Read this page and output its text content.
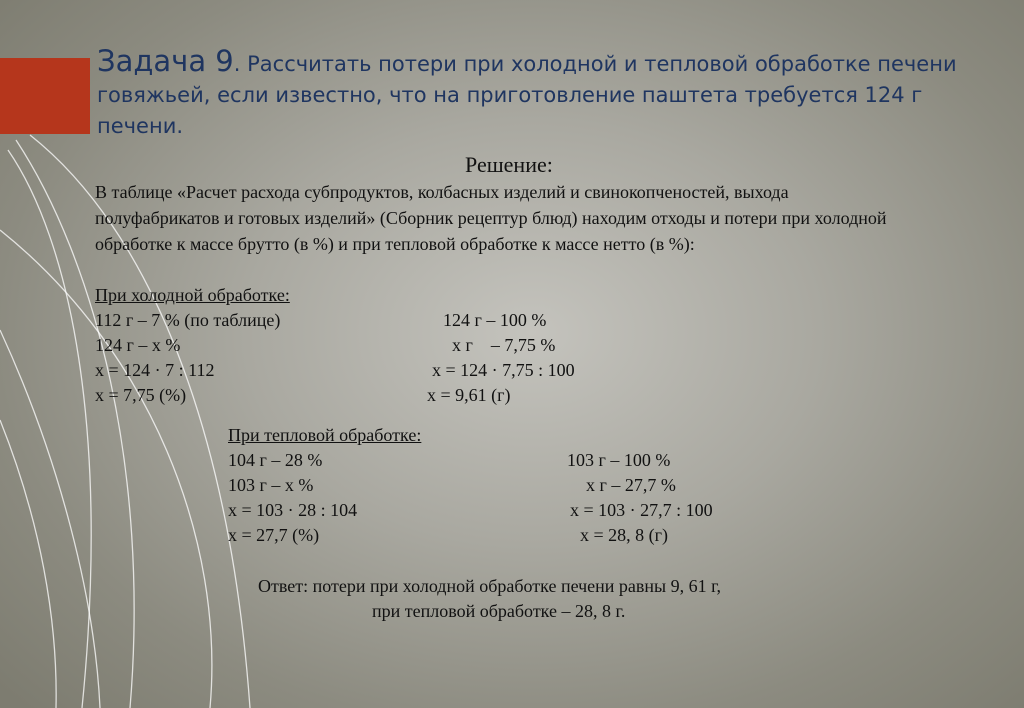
Задача 9. Рассчитать потери при холодной и тепловой обработке печени говяжьей, если известно, что на приготовление паштета требуется 124 г печени.
Решение:
В таблице «Расчет расхода субпродуктов, колбасных изделий и свинокопченостей, выхода полуфабрикатов и готовых изделий» (Сборник рецептур блюд) находим отходы и потери при холодной обработке к массе брутто (в %) и при тепловой обработке к массе нетто (в %):
При холодной обработке:
112 г – 7 % (по таблице)
124 г – х %
х = 124 · 7 : 112
х = 7,75 (%)
124 г – 100 %
х г    – 7,75 %
х = 124 · 7,75 : 100
х = 9,61 (г)
При тепловой обработке:
104 г – 28 %
103 г – х %
х = 103 · 28 : 104
х = 27,7 (%)
103 г – 100 %
х г – 27,7 %
х = 103 · 27,7 : 100
х = 28, 8 (г)
Ответ: потери при холодной обработке печени равны 9, 61 г,
при тепловой обработке – 28, 8 г.
